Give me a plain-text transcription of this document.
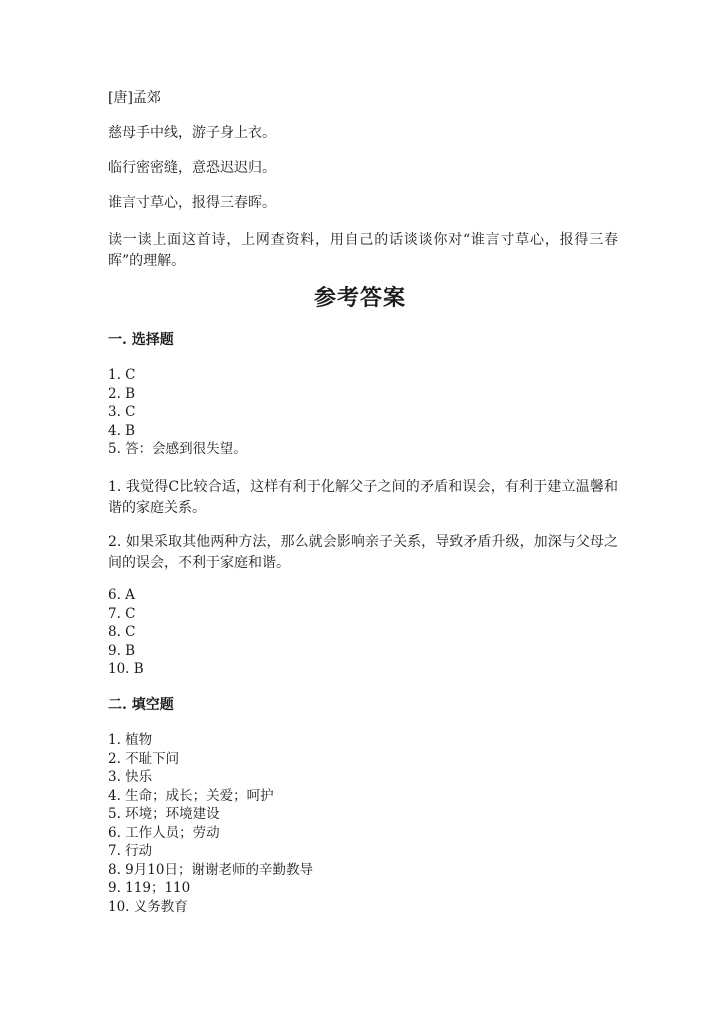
[唐]孟郊
慈母手中线，游子身上衣。
临行密密缝，意恐迟迟归。
谁言寸草心，报得三春晖。
读一读上面这首诗，上网查资料，用自己的话谈谈你对“谁言寸草心，报得三春晖”的理解。
参考答案
一. 选择题
1. C
2. B
3. C
4. B
5. 答：会感到很失望。
1. 我觉得C比较合适，这样有利于化解父子之间的矛盾和误会，有利于建立温馨和谐的家庭关系。
2. 如果采取其他两种方法，那么就会影响亲子关系，导致矛盾升级，加深与父母之间的误会，不利于家庭和谐。
6. A
7. C
8. C
9. B
10. B
二. 填空题
1. 植物
2. 不耻下问
3. 快乐
4. 生命；成长；关爱；呵护
5. 环境；环境建设
6. 工作人员；劳动
7. 行动
8. 9月10日；谢谢老师的辛勤教导
9. 119；110
10. 义务教育
